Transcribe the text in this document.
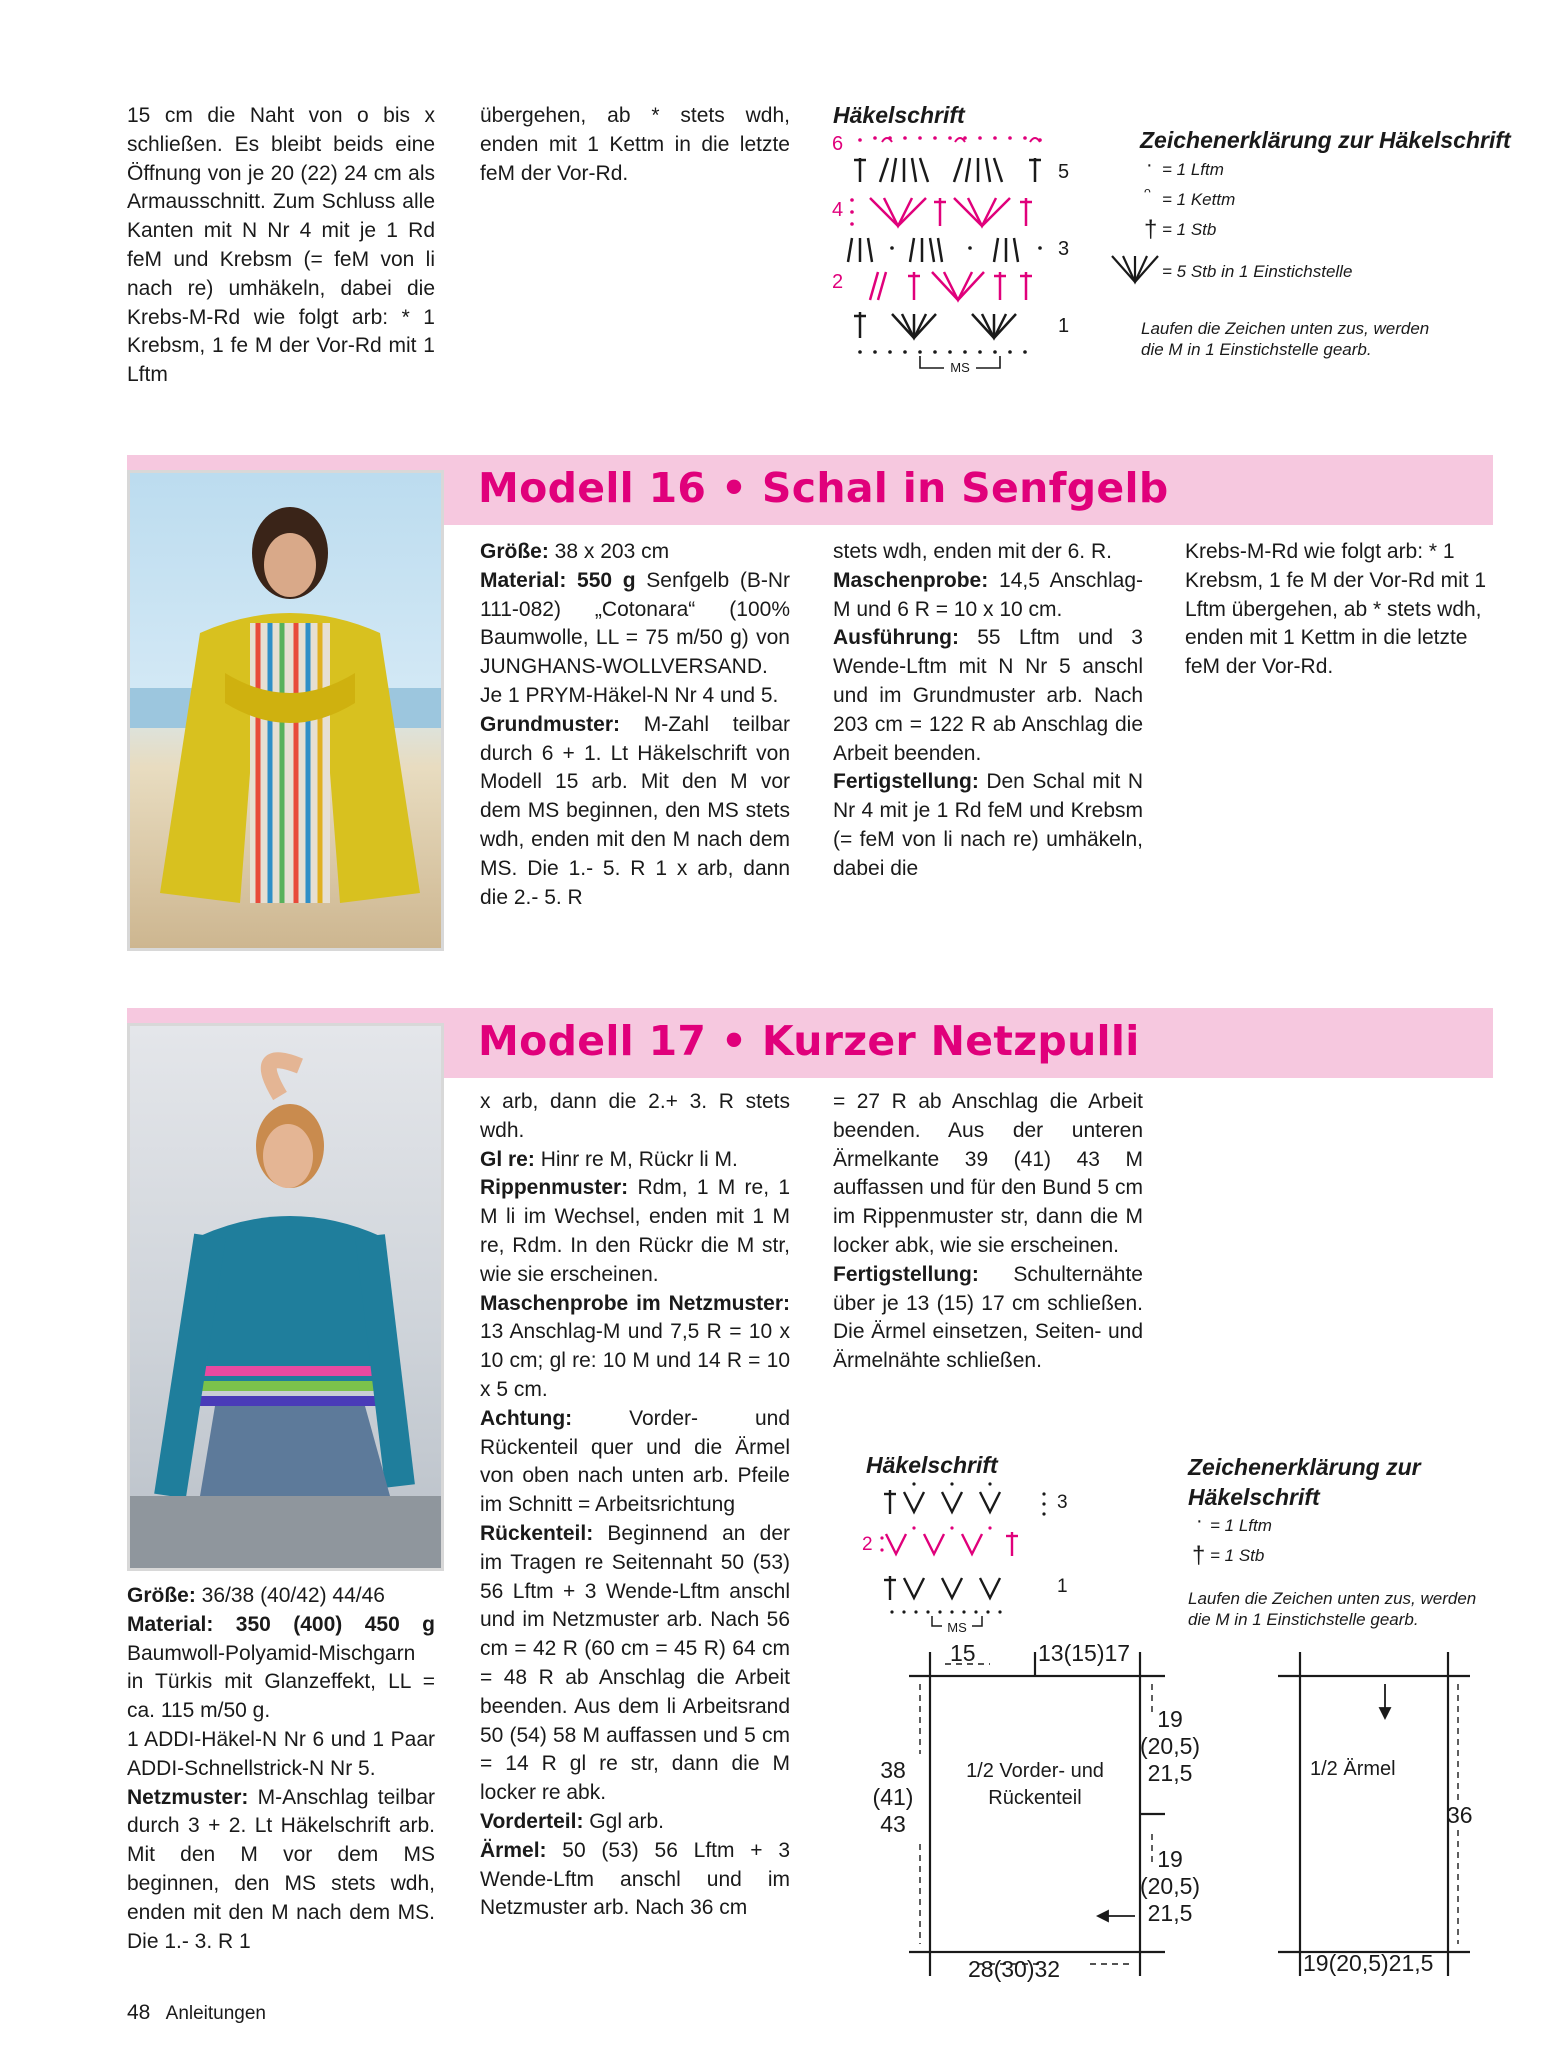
15 cm die Naht von o bis x schließen. Es bleibt beids eine Öffnung von je 20 (22) 24 cm als Armausschnitt. Zum Schluss alle Kanten mit N Nr 4 mit je 1 Rd feM und Krebsm (= feM von li nach re) umhäkeln, dabei die Krebs-M-Rd wie folgt arb: * 1 Krebsm, 1 fe M der Vor-Rd mit 1 Lftm

übergehen, ab * stets wdh, enden mit 1 Kettm in die letzte feM der Vor-Rd.

Häkelschrift
6
4
2
5
3
1
MS
Zeichenerklärung zur Häkelschrift
· = 1 Lftm
ᵔ = 1 Kettm
† = 1 Stb
= 5 Stb in 1 Einstichstelle
Laufen die Zeichen unten zus, werden die M in 1 Einstichstelle gearb.
Modell 16 • Schal in Senfgelb

Größe: 38 x 203 cm

Material: 550 g Senfgelb (B-Nr 111-082) „Cotonara“ (100% Baumwolle, LL = 75 m/50 g) von JUNGHANS-WOLLVERSAND.

Je 1 PRYM-Häkel-N Nr 4 und 5.

Grundmuster: M-Zahl teilbar durch 6 + 1. Lt Häkelschrift von Modell 15 arb. Mit den M vor dem MS beginnen, den MS stets wdh, enden mit den M nach dem MS. Die 1.- 5. R 1 x arb, dann die 2.- 5. R

stets wdh, enden mit der 6. R.

Maschenprobe: 14,5 Anschlag-M und 6 R = 10 x 10 cm.

Ausführung: 55 Lftm und 3 Wende-Lftm mit N Nr 5 anschl und im Grundmuster arb. Nach 203 cm = 122 R ab Anschlag die Arbeit beenden.

Fertigstellung: Den Schal mit N Nr 4 mit je 1 Rd feM und Krebsm (= feM von li nach re) umhäkeln, dabei die

Krebs-M-Rd wie folgt arb: * 1 Krebsm, 1 fe M der Vor-Rd mit 1 Lftm übergehen, ab * stets wdh, enden mit 1 Kettm in die letzte feM der Vor-Rd.

Modell 17 • Kurzer Netzpulli

Größe: 36/38 (40/42) 44/46

Material: 350 (400) 450 g Baumwoll-Polyamid-Mischgarn in Türkis mit Glanzeffekt, LL = ca. 115 m/50 g.

1 ADDI-Häkel-N Nr 6 und 1 Paar ADDI-Schnellstrick-N Nr 5.

Netzmuster: M-Anschlag teilbar durch 3 + 2. Lt Häkelschrift arb. Mit den M vor dem MS beginnen, den MS stets wdh, enden mit den M nach dem MS. Die 1.- 3. R 1

x arb, dann die 2.+ 3. R stets wdh.

Gl re: Hinr re M, Rückr li M.

Rippenmuster: Rdm, 1 M re, 1 M li im Wechsel, enden mit 1 M re, Rdm. In den Rückr die M str, wie sie erscheinen.

Maschenprobe im Netzmuster: 13 Anschlag-M und 7,5 R = 10 x 10 cm; gl re: 10 M und 14 R = 10 x 5 cm.

Achtung: Vorder- und Rückenteil quer und die Ärmel von oben nach unten arb. Pfeile im Schnitt = Arbeitsrichtung

Rückenteil: Beginnend an der im Tragen re Seitennaht 50 (53) 56 Lftm + 3 Wende-Lftm anschl und im Netzmuster arb. Nach 56 cm = 42 R (60 cm = 45 R) 64 cm = 48 R ab Anschlag die Arbeit beenden. Aus dem li Arbeitsrand 50 (54) 58 M auffassen und 5 cm = 14 R gl re str, dann die M locker re abk.

Vorderteil: Ggl arb.

Ärmel: 50 (53) 56 Lftm + 3 Wende-Lftm anschl und im Netzmuster arb. Nach 36 cm

= 27 R ab Anschlag die Arbeit beenden. Aus der unteren Ärmelkante 39 (41) 43 M auffassen und für den Bund 5 cm im Rippenmuster str, dann die M locker abk, wie sie erscheinen.

Fertigstellung: Schulternähte über je 13 (15) 17 cm schließen. Die Ärmel einsetzen, Seiten- und Ärmelnähte schließen.

Häkelschrift
3
2
1
MS
Zeichenerklärung zur Häkelschrift
· = 1 Lftm
† = 1 Stb
Laufen die Zeichen unten zus, werden die M in 1 Einstichstelle gearb.
15	13(15)17
38
(41)
43
1/2 Vorder- und Rückenteil
19
(20,5)
21,5
19
(20,5)
21,5
28(30)32
1/2 Ärmel
36
19(20,5)21,5
48 Anleitungen
